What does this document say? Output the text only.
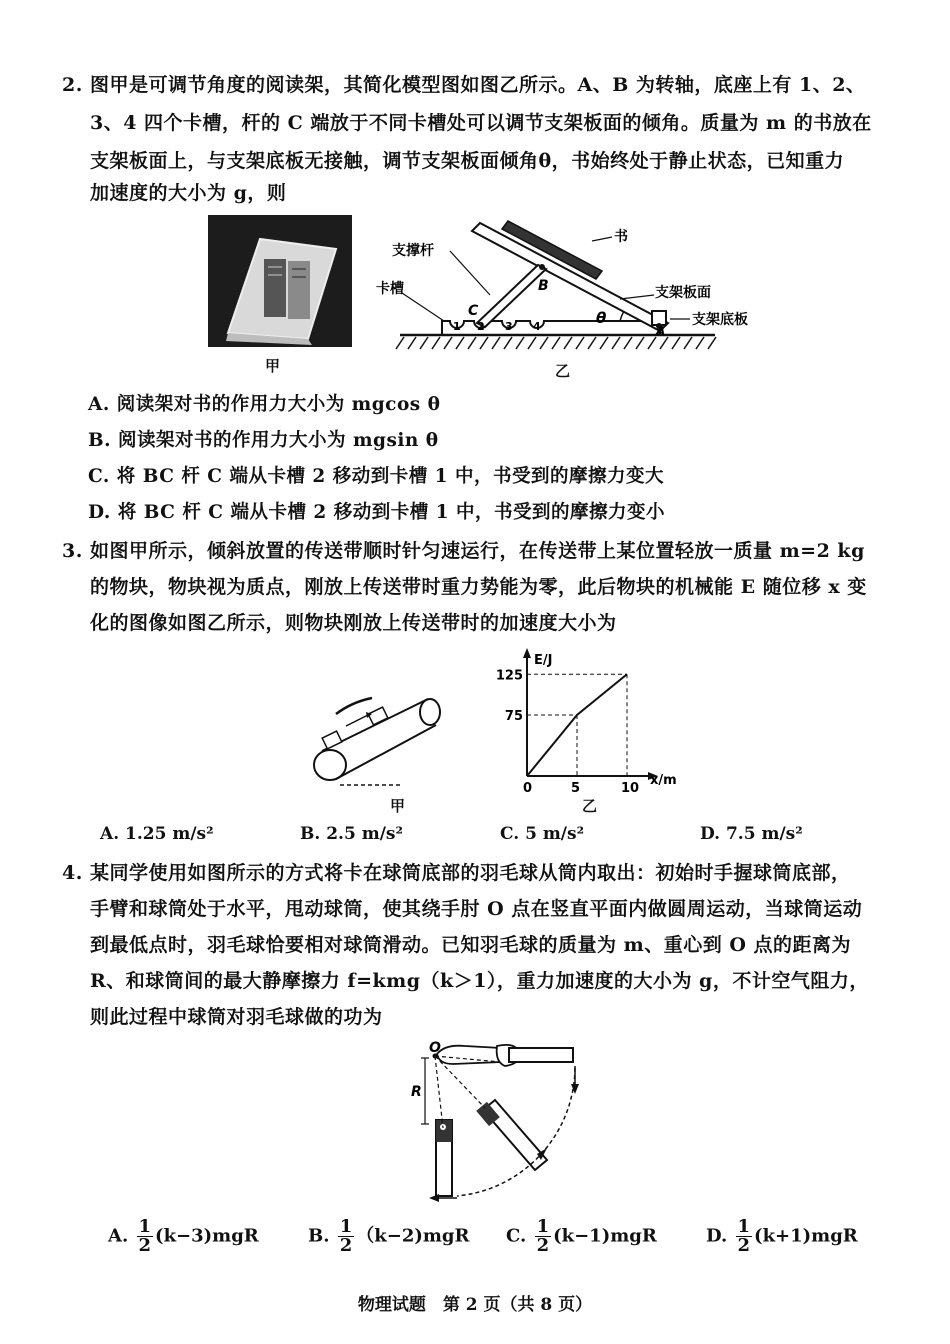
2. 图甲是可调节角度的阅读架，其简化模型图如图乙所示。A、B 为转轴，底座上有 1、2、
3、4 四个卡槽，杆的 C 端放于不同卡槽处可以调节支架板面的倾角。质量为 m 的书放在
支架板面上，与支架底板无接触，调节支架板面倾角θ，书始终处于静止状态，已知重力
加速度的大小为 g，则
甲
书
支撑杆
卡槽	支架板面
支架底板
B
C
A
θ
1 2 3 4
乙
A. 阅读架对书的作用力大小为 mgcos θ
B. 阅读架对书的作用力大小为 mgsin θ
C. 将 BC 杆 C 端从卡槽 2 移动到卡槽 1 中，书受到的摩擦力变大
D. 将 BC 杆 C 端从卡槽 2 移动到卡槽 1 中，书受到的摩擦力变小
3. 如图甲所示，倾斜放置的传送带顺时针匀速运行，在传送带上某位置轻放一质量 m=2 kg
的物块，物块视为质点，刚放上传送带时重力势能为零，此后物块的机械能 E 随位移 x 变
化的图像如图乙所示，则物块刚放上传送带时的加速度大小为
甲
E/J
x/m
0	5	10
75
125
乙
A. 1.25 m/s²	B. 2.5 m/s²	C. 5 m/s²	D. 7.5 m/s²
4. 某同学使用如图所示的方式将卡在球筒底部的羽毛球从筒内取出：初始时手握球筒底部，
手臂和球筒处于水平，甩动球筒，使其绕手肘 O 点在竖直平面内做圆周运动，当球筒运动
到最低点时，羽毛球恰要相对球筒滑动。已知羽毛球的质量为 m、重心到 O 点的距离为
R、和球筒间的最大静摩擦力 f=kmg（k＞1），重力加速度的大小为 g，不计空气阻力，
则此过程中球筒对羽毛球做的功为
O
R
A. $\frac{1}{2} (k-3)mgR$	B. $\frac{1}{2} (k-2)mgR$ C. $\frac{1}{2} (k-1)mgR$	D. $\frac{1}{2} (k+1)mgR$
物理试题　第 2 页（共 8 页）
